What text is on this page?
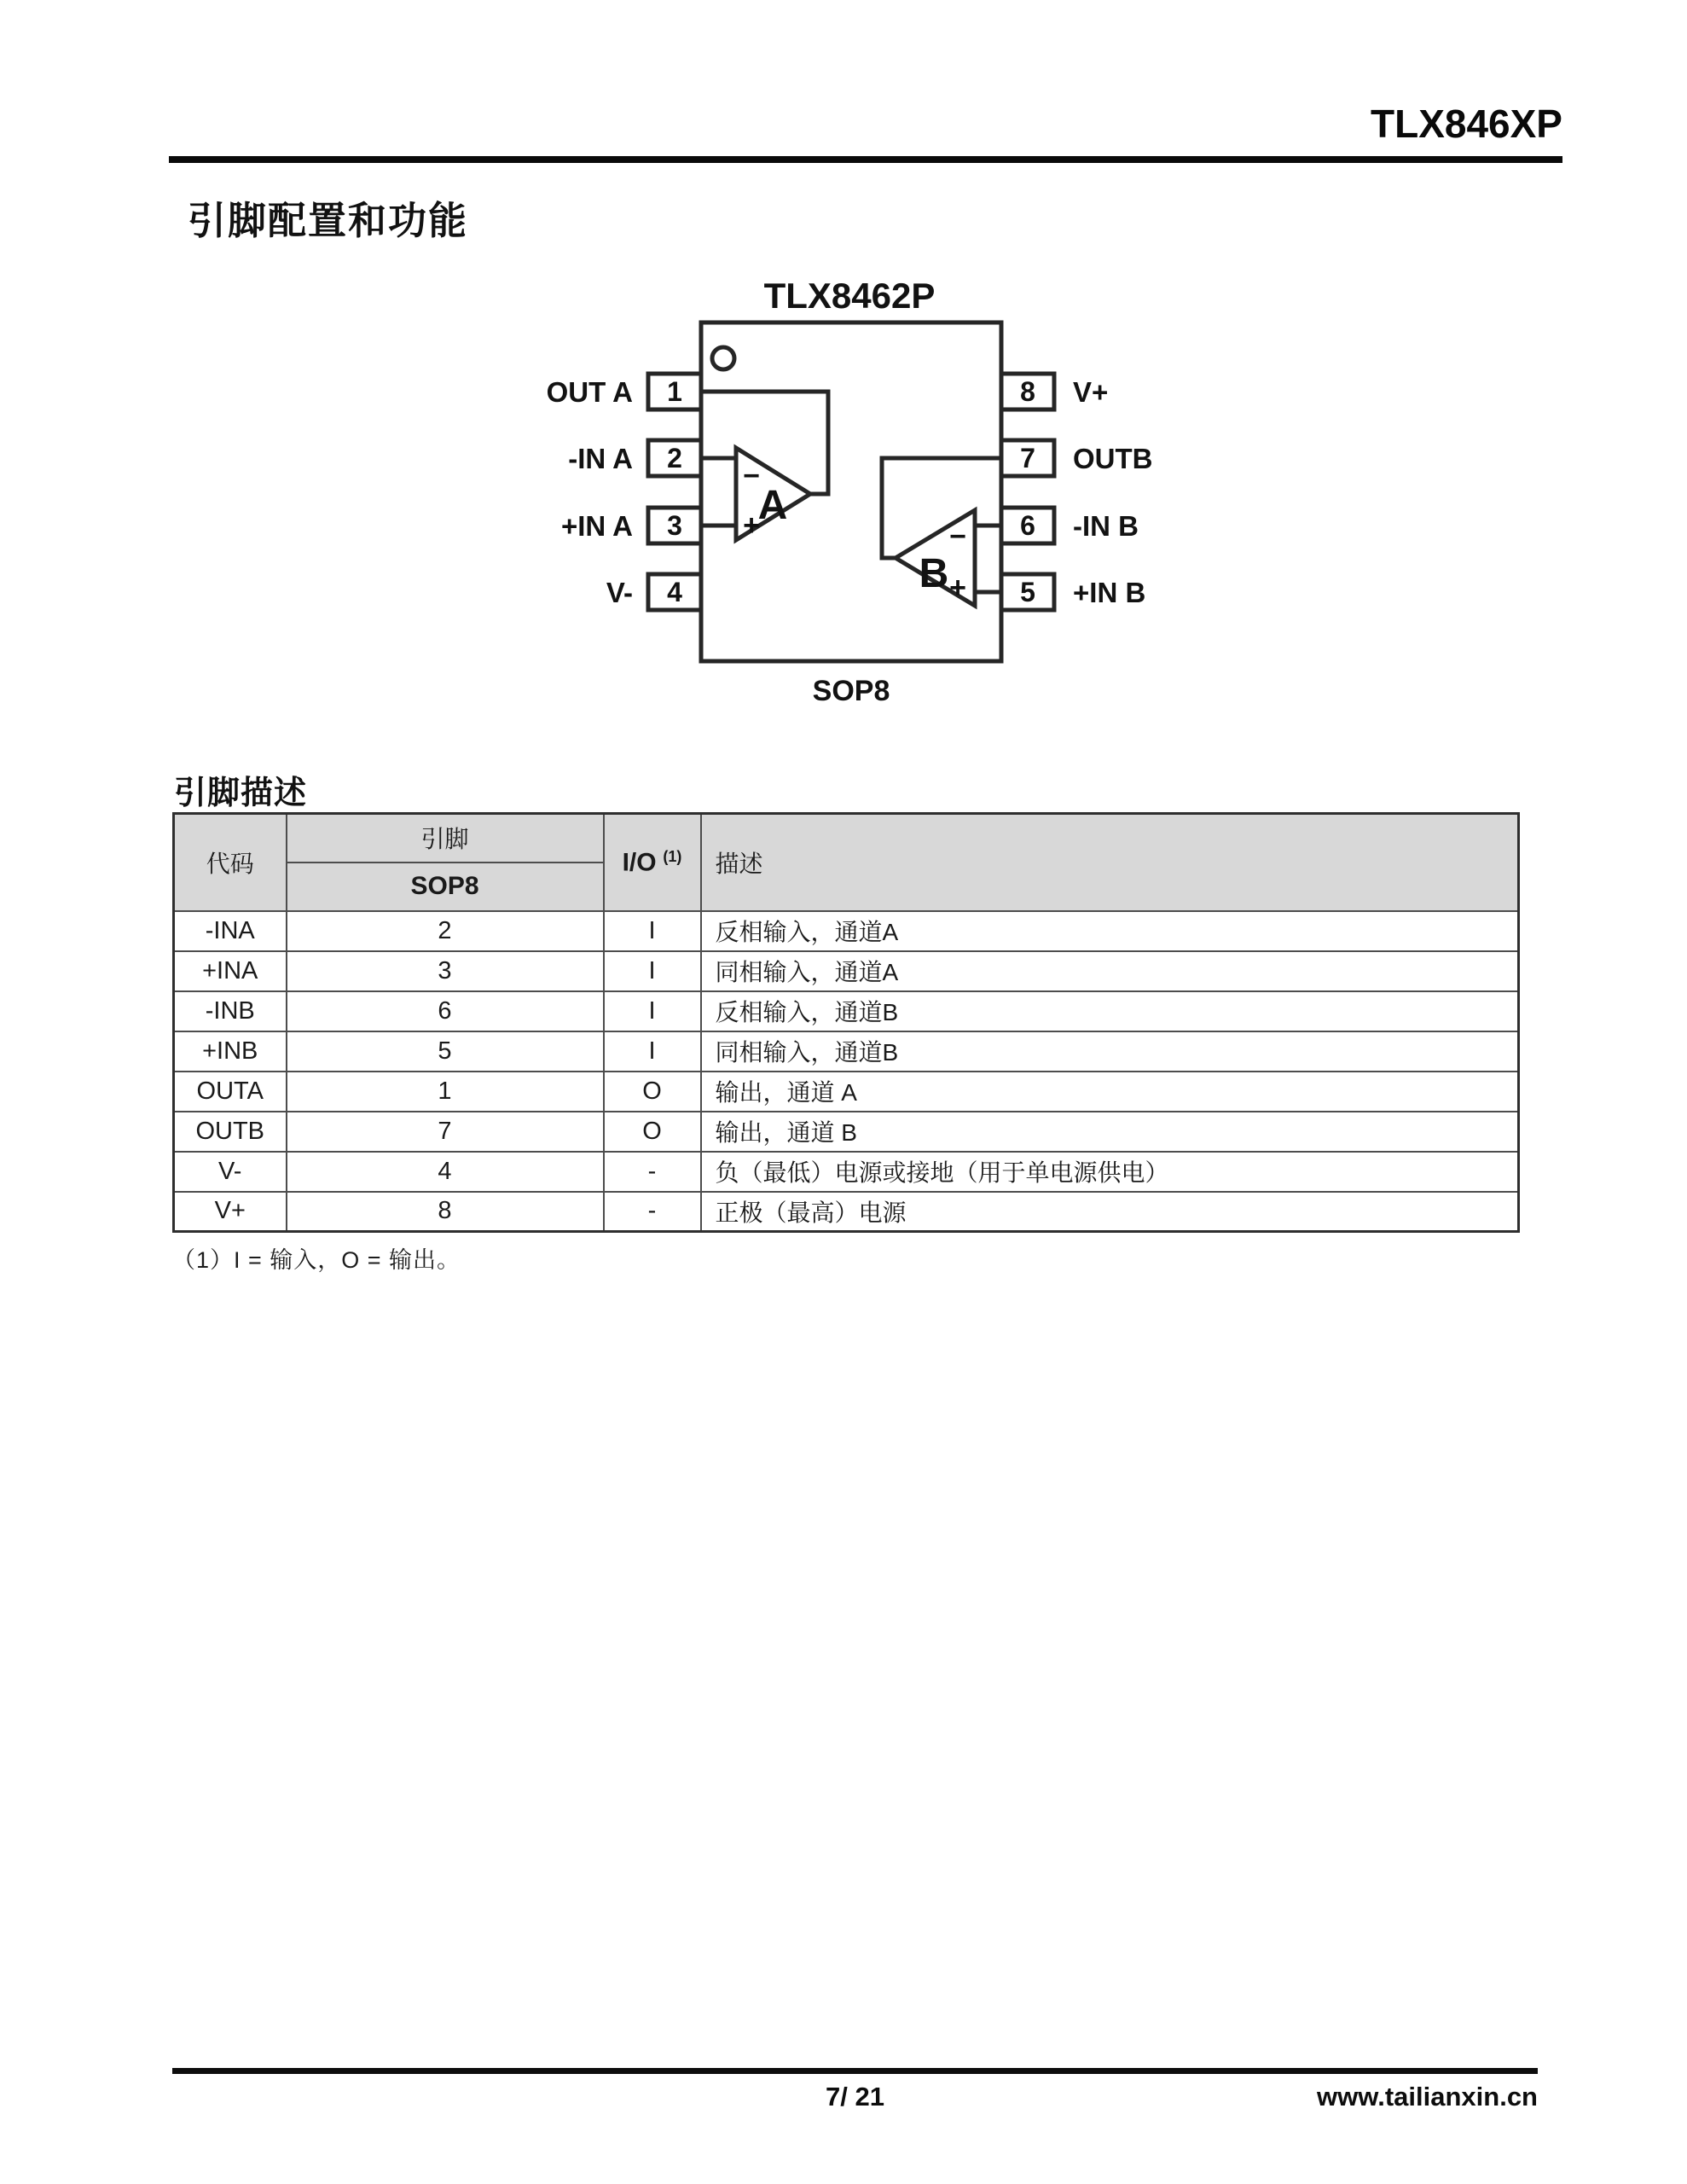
TLX846XP
引脚配置和功能
TLX8462P
−
+
A
−
+
B
1
2
3
4
OUT A
-IN A
+IN A
V-
8
7
6
5
V+
OUTB
-IN B
+IN B
SOP8
引脚描述
代码	引脚	I/O $^{(1)}$	描述
	SOP8		
-INA	2	I	反相输入，通道A
+INA	3	I	同相输入，通道A
-INB	6	I	反相输入，通道B
+INB	5	I	同相输入，通道B
OUTA	1	O	输出，通道 A
OUTB	7	O	输出，通道 B
V-	4	-	负（最低）电源或接地（用于单电源供电）
V+	8	-	正极（最高）电源
（1）I = 输入，O = 输出。
7/ 21	www.tailianxin.cn
